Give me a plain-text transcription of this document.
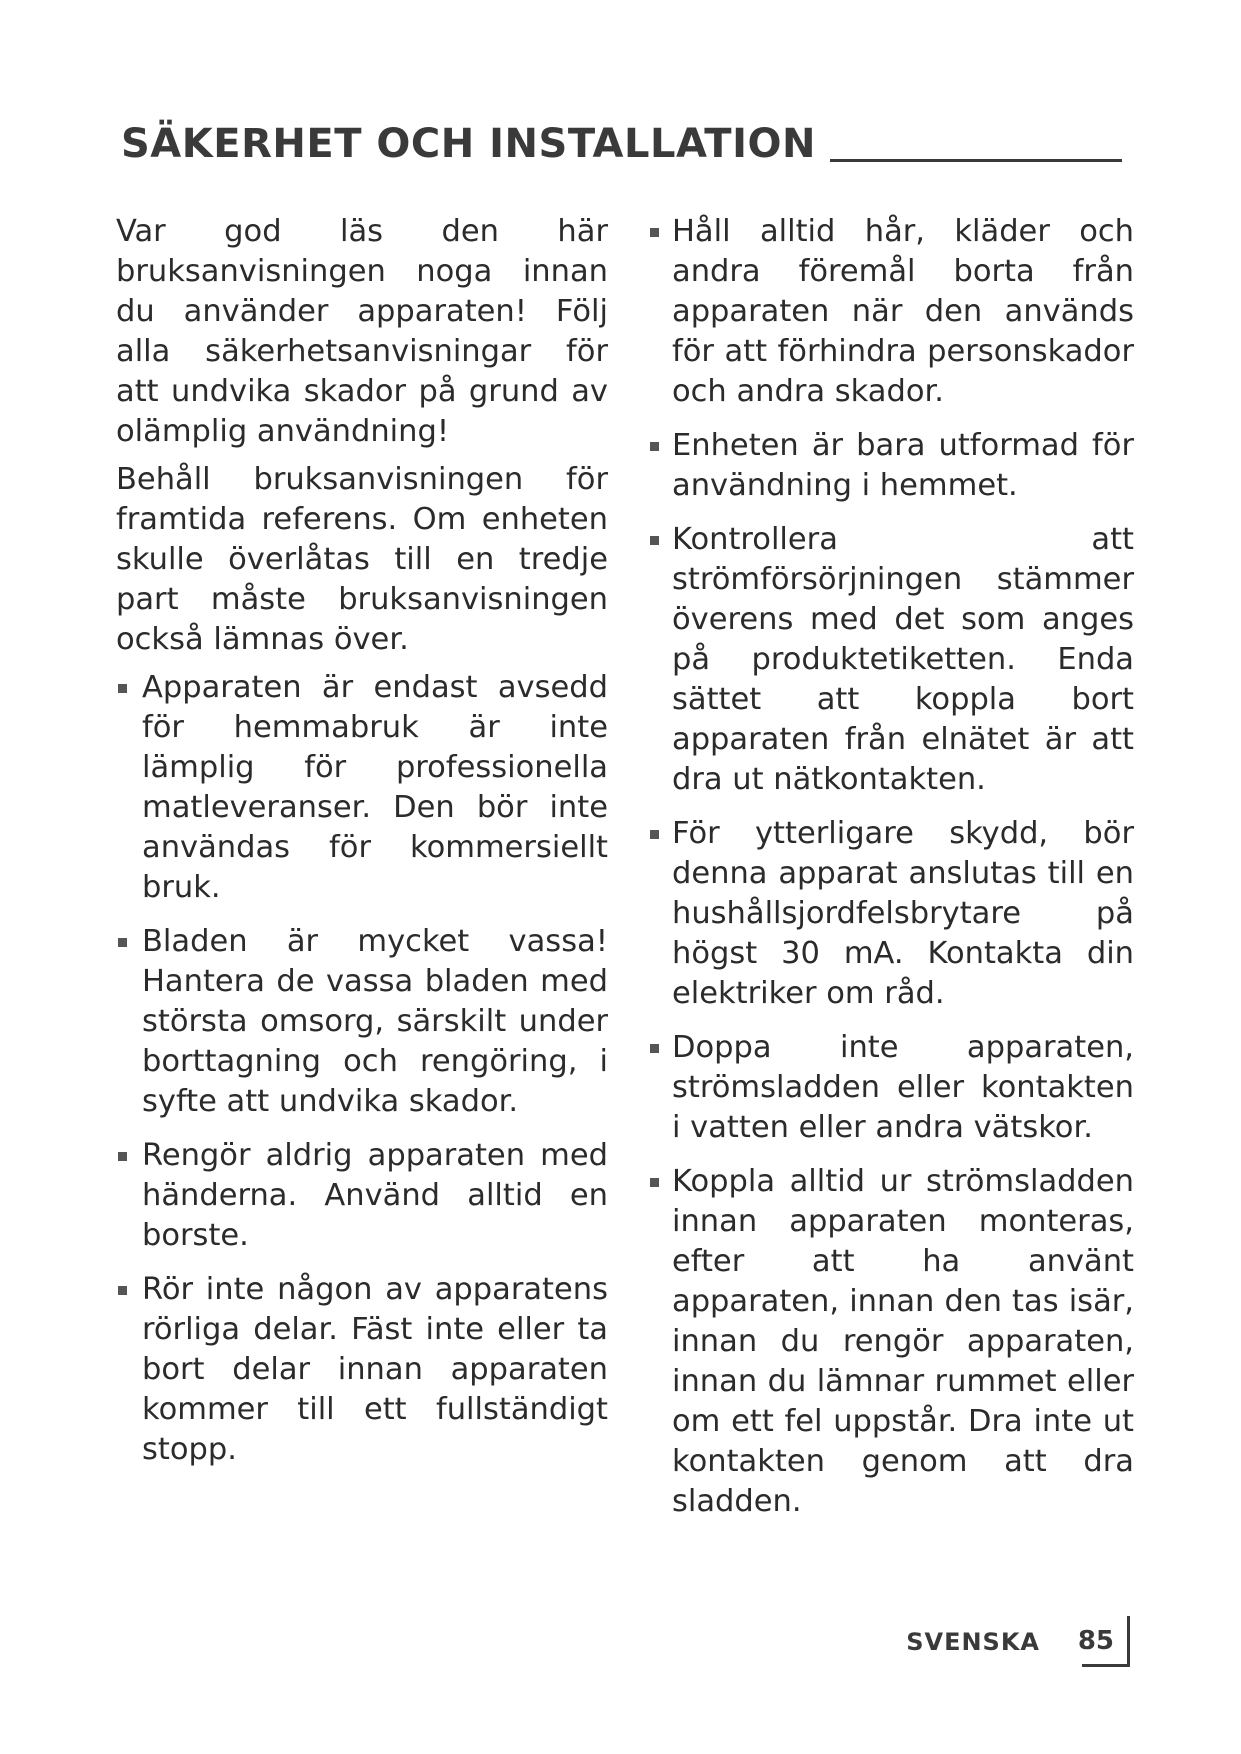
SÄKERHET OCH INSTALLATION

Var god läs den här bruksanvisningen noga innan du använder apparaten! Följ alla säkerhetsanvisningar för att undvika skador på grund av olämplig användning!

Behåll bruksanvisningen för framtida referens. Om enheten skulle överlåtas till en tredje part måste bruksanvisningen också lämnas över.

Apparaten är endast avsedd för hemmabruk är inte lämplig för professionella matleveranser. Den bör inte användas för kommersiellt bruk.
Bladen är mycket vassa! Hantera de vassa bladen med största omsorg, särskilt under borttagning och rengöring, i syfte att undvika skador.
Rengör aldrig apparaten med händerna. Använd alltid en borste.
Rör inte någon av apparatens rörliga delar. Fäst inte eller ta bort delar innan apparaten kommer till ett fullständigt stopp.
Håll alltid hår, kläder och andra föremål borta från apparaten när den används för att förhindra personskador och andra skador.
Enheten är bara utformad för användning i hemmet.
Kontrollera att strömförsörjningen stämmer överens med det som anges på produktetiketten. Enda sättet att koppla bort apparaten från elnätet är att dra ut nätkontakten.
För ytterligare skydd, bör denna apparat anslutas till en hushållsjordfelsbrytare på högst 30 mA. Kontakta din elektriker om råd.
Doppa inte apparaten, strömsladden eller kontakten i vatten eller andra vätskor.
Koppla alltid ur strömsladden innan apparaten monteras, efter att ha använt apparaten, innan den tas isär, innan du rengör apparaten, innan du lämnar rummet eller om ett fel uppstår. Dra inte ut kontakten genom att dra sladden.
SVENSKA 85
